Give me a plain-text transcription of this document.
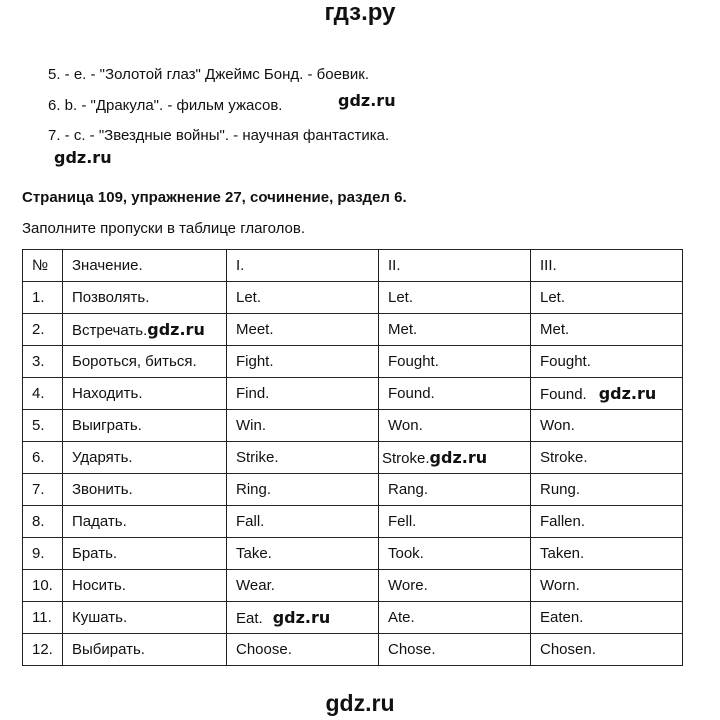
гдз.ру
5. - e. - "Золотой глаз" Джеймс Бонд. - боевик.
6. b. - "Дракула". - фильм ужасов.	gdz.ru
7. - c. - "Звездные войны". - научная фантастика.
gdz.ru
Страница 109, упражнение 27, сочинение, раздел 6.
Заполните пропуски в таблице глаголов.
№	Значение.	I.	II.	III.
1.	Позволять.	Let.	Let.	Let.
2.	Встречать.gdz.ru	Meet.	Met.	Met.
3.	Бороться, биться.	Fight.	Fought.	Fought.
4.	Находить.	Find.	Found.	Found. gdz.ru
5.	Выиграть.	Win.	Won.	Won.
6.	Ударять.	Strike.	Stroke.gdz.ru	Stroke.
7.	Звонить.	Ring.	Rang.	Rung.
8.	Падать.	Fall.	Fell.	Fallen.
9.	Брать.	Take.	Took.	Taken.
10.	Носить.	Wear.	Wore.	Worn.
11.	Кушать.	Eat. gdz.ru	Ate.	Eaten.
12.	Выбирать.	Choose.	Chose.	Chosen.
gdz.ru
